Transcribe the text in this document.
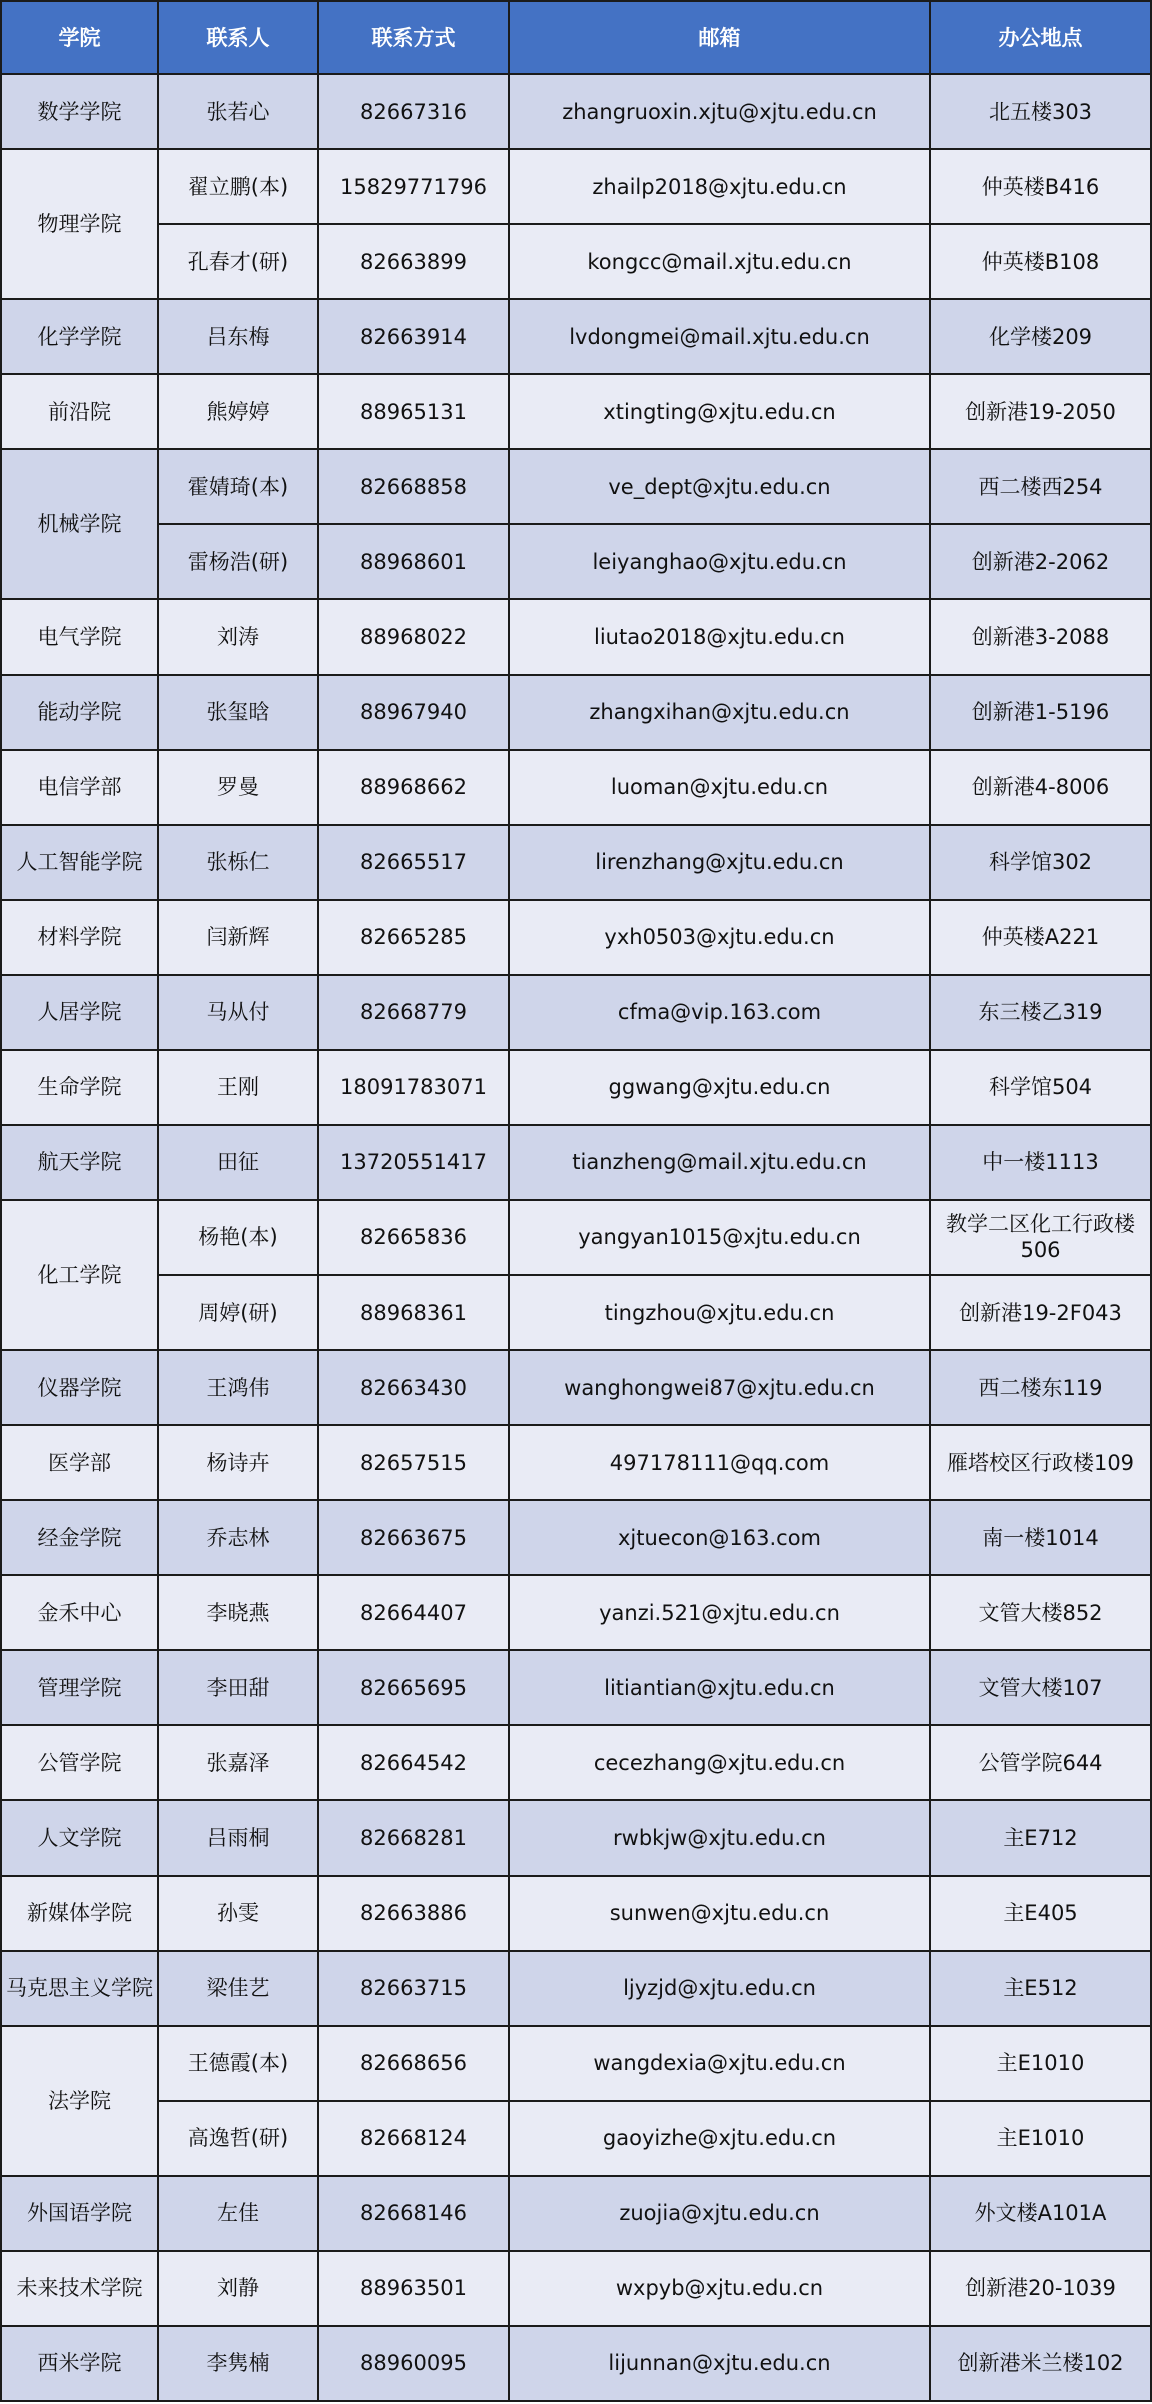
学院	联系人	联系方式	邮箱	办公地点
数学学院	张若心	82667316	zhangruoxin.xjtu@xjtu.edu.cn	北五楼303
物理学院	翟立鹏(本)	15829771796	zhailp2018@xjtu.edu.cn	仲英楼B416
	孔春才(研)	82663899	kongcc@mail.xjtu.edu.cn	仲英楼B108
化学学院	吕东梅	82663914	lvdongmei@mail.xjtu.edu.cn	化学楼209
前沿院	熊婷婷	88965131	xtingting@xjtu.edu.cn	创新港19-2050
机械学院	霍婧琦(本)	82668858	ve_dept@xjtu.edu.cn	西二楼西254
	雷杨浩(研)	88968601	leiyanghao@xjtu.edu.cn	创新港2-2062
电气学院	刘涛	88968022	liutao2018@xjtu.edu.cn	创新港3-2088
能动学院	张玺晗	88967940	zhangxihan@xjtu.edu.cn	创新港1-5196
电信学部	罗曼	88968662	luoman@xjtu.edu.cn	创新港4-8006
人工智能学院	张栎仁	82665517	lirenzhang@xjtu.edu.cn	科学馆302
材料学院	闫新辉	82665285	yxh0503@xjtu.edu.cn	仲英楼A221
人居学院	马从付	82668779	cfma@vip.163.com	东三楼乙319
生命学院	王刚	18091783071	ggwang@xjtu.edu.cn	科学馆504
航天学院	田征	13720551417	tianzheng@mail.xjtu.edu.cn	中一楼1113
化工学院	杨艳(本)	82665836	yangyan1015@xjtu.edu.cn	教学二区化工行政楼506
	周婷(研)	88968361	tingzhou@xjtu.edu.cn	创新港19-2F043
仪器学院	王鸿伟	82663430	wanghongwei87@xjtu.edu.cn	西二楼东119
医学部	杨诗卉	82657515	497178111@qq.com	雁塔校区行政楼109
经金学院	乔志林	82663675	xjtuecon@163.com	南一楼1014
金禾中心	李晓燕	82664407	yanzi.521@xjtu.edu.cn	文管大楼852
管理学院	李田甜	82665695	litiantian@xjtu.edu.cn	文管大楼107
公管学院	张嘉泽	82664542	cecezhang@xjtu.edu.cn	公管学院644
人文学院	吕雨桐	82668281	rwbkjw@xjtu.edu.cn	主E712
新媒体学院	孙雯	82663886	sunwen@xjtu.edu.cn	主E405
马克思主义学院	梁佳艺	82663715	ljyzjd@xjtu.edu.cn	主E512
法学院	王德霞(本)	82668656	wangdexia@xjtu.edu.cn	主E1010
	高逸哲(研)	82668124	gaoyizhe@xjtu.edu.cn	主E1010
外国语学院	左佳	82668146	zuojia@xjtu.edu.cn	外文楼A101A
未来技术学院	刘静	88963501	wxpyb@xjtu.edu.cn	创新港20-1039
西米学院	李隽楠	88960095	lijunnan@xjtu.edu.cn	创新港米兰楼102
